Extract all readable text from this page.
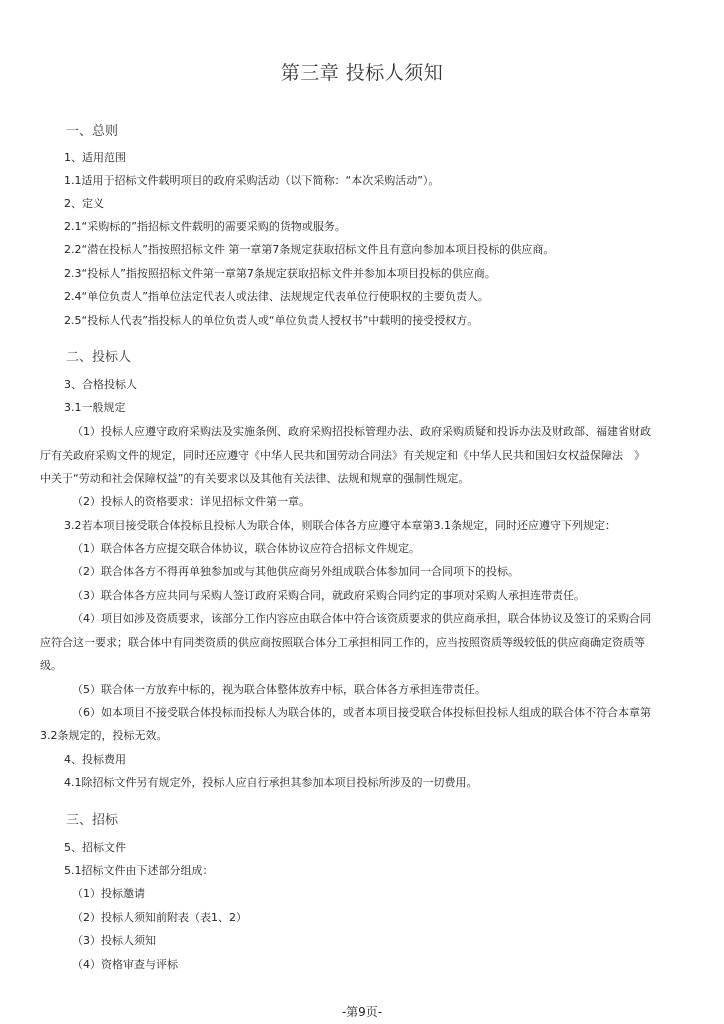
第三章 投标人须知
一、总则
1、适用范围
1.1适用于招标文件载明项目的政府采购活动（以下简称：“本次采购活动”）。
2、定义
2.1“采购标的”指招标文件载明的需要采购的货物或服务。
2.2“潜在投标人”指按照招标文件 第一章第7条规定获取招标文件且有意向参加本项目投标的供应商。
2.3“投标人”指按照招标文件第一章第7条规定获取招标文件并参加本项目投标的供应商。
2.4“单位负责人”指单位法定代表人或法律、法规规定代表单位行使职权的主要负责人。
2.5“投标人代表”指投标人的单位负责人或“单位负责人授权书”中载明的接受授权方。
二、投标人
3、合格投标人
3.1一般规定
（1）投标人应遵守政府采购法及实施条例、政府采购招投标管理办法、政府采购质疑和投诉办法及财政部、福建省财政
厅有关政府采购文件的规定，同时还应遵守《中华人民共和国劳动合同法》有关规定和《中华人民共和国妇女权益保障法　》
中关于“劳动和社会保障权益”的有关要求以及其他有关法律、法规和规章的强制性规定。
（2）投标人的资格要求：详见招标文件第一章。
3.2若本项目接受联合体投标且投标人为联合体，则联合体各方应遵守本章第3.1条规定，同时还应遵守下列规定：
（1）联合体各方应提交联合体协议，联合体协议应符合招标文件规定。
（2）联合体各方不得再单独参加或与其他供应商另外组成联合体参加同一合同项下的投标。
（3）联合体各方应共同与采购人签订政府采购合同，就政府采购合同约定的事项对采购人承担连带责任。
（4）项目如涉及资质要求，该部分工作内容应由联合体中符合该资质要求的供应商承担，联合体协议及签订的采购合同
应符合这一要求；联合体中有同类资质的供应商按照联合体分工承担相同工作的，应当按照资质等级较低的供应商确定资质等
级。
（5）联合体一方放弃中标的，视为联合体整体放弃中标，联合体各方承担连带责任。
（6）如本项目不接受联合体投标而投标人为联合体的，或者本项目接受联合体投标但投标人组成的联合体不符合本章第
3.2条规定的，投标无效。
4、投标费用
4.1除招标文件另有规定外，投标人应自行承担其参加本项目投标所涉及的一切费用。
三、招标
5、招标文件
5.1招标文件由下述部分组成：
（1）投标邀请
（2）投标人须知前附表（表1、2）
（3）投标人须知
（4）资格审查与评标
-第9页-
